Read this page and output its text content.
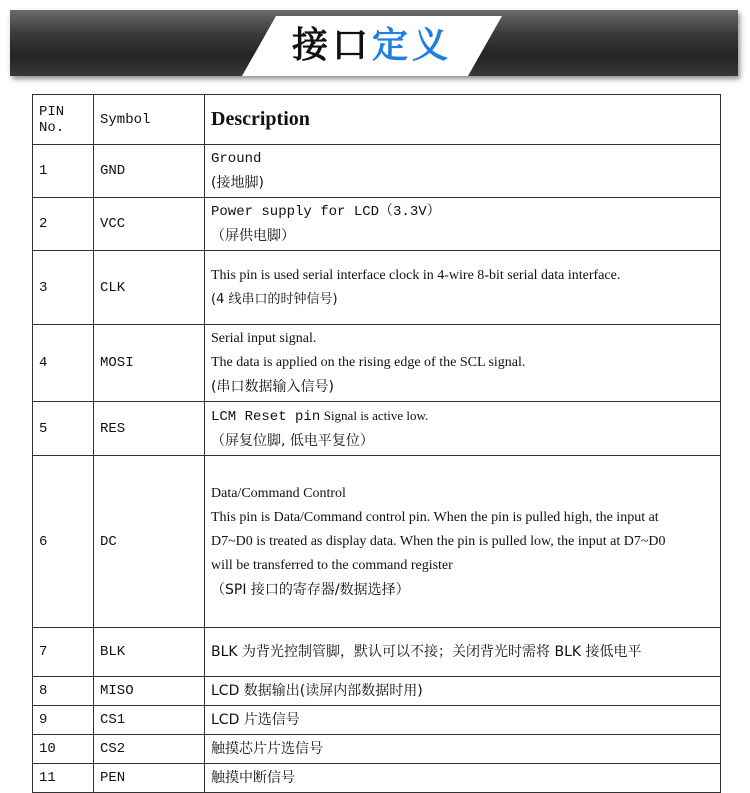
接口定义
PIN No.	Symbol	Description
1	GND	Ground
(接地脚)

2	VCC	Power supply for LCD（3.3V）
（屏供电脚）

3	CLK	This pin is used serial interface clock in 4-wire 8-bit serial data interface.
(4 线串口的时钟信号)

4	MOSI	Serial input signal.
The data is applied on the rising edge of the SCL signal.
(串口数据输入信号)

5	RES	LCM Reset pin Signal is active low.
（屏复位脚, 低电平复位）

6	DC	Data/Command Control
This pin is Data/Command control pin. When the pin is pulled high, the input at
D7~D0 is treated as display data. When the pin is pulled low, the input at D7~D0
will be transferred to the command register
（SPI 接口的寄存器/数据选择）

7	BLK	BLK 为背光控制管脚，默认可以不接；关闭背光时需将 BLK 接低电平

8	MISO	LCD 数据输出(读屏内部数据时用)
9	CS1	LCD 片选信号
10	CS2	触摸芯片片选信号
11	PEN	触摸中断信号
